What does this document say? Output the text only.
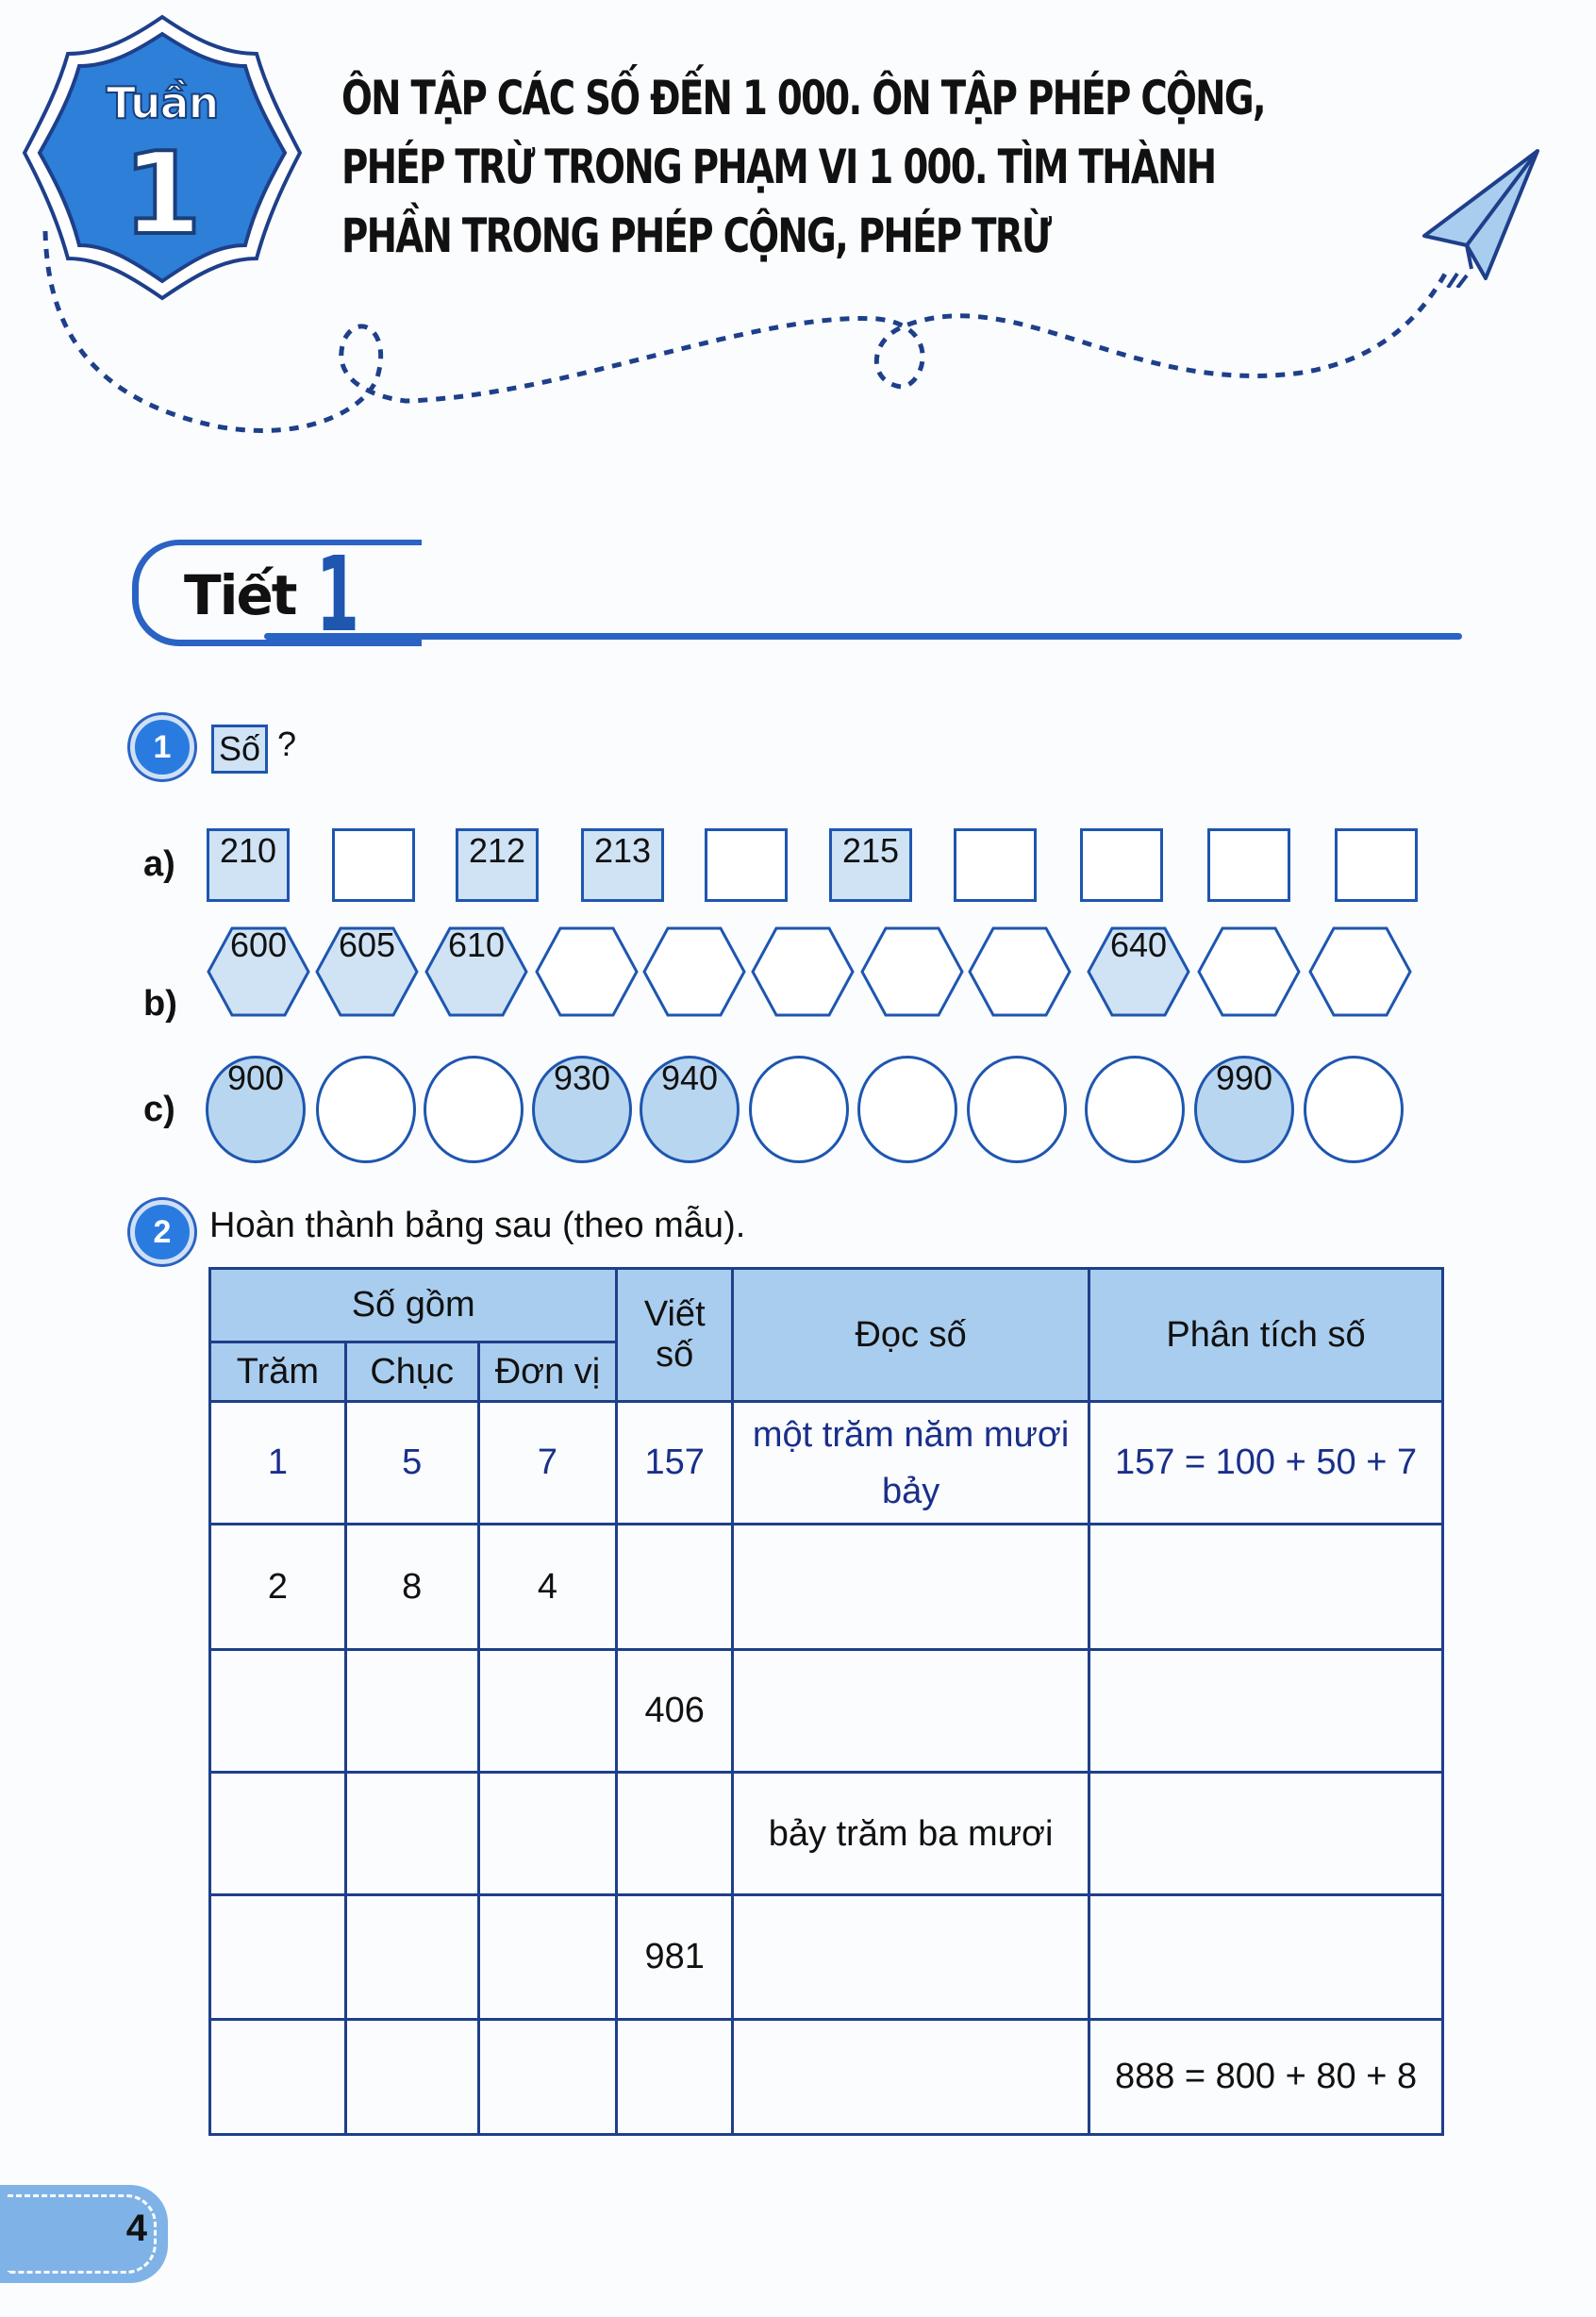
Tuần
1
ÔN TẬP CÁC SỐ ĐẾN 1 000. ÔN TẬP PHÉP CỘNG,
PHÉP TRỪ TRONG PHẠM VI 1 000. TÌM THÀNH
PHẦN TRONG PHÉP CỘNG, PHÉP TRỪ
Tiết 1
1	Số ?
a)
b)
c)
210	212	213	215
600	605	610	640
900	930	940	990
2	Hoàn thành bảng sau (theo mẫu).
Số gồm			Viết
số	Đọc số	Phân tích số
Trăm	Chục	Đơn vị			
1	5	7	157	một trăm năm mươi bảy	157 = 100 + 50 + 7
2	8	4			
			406		
				bảy trăm ba mươi	
			981		
					888 = 800 + 80 + 8
4
